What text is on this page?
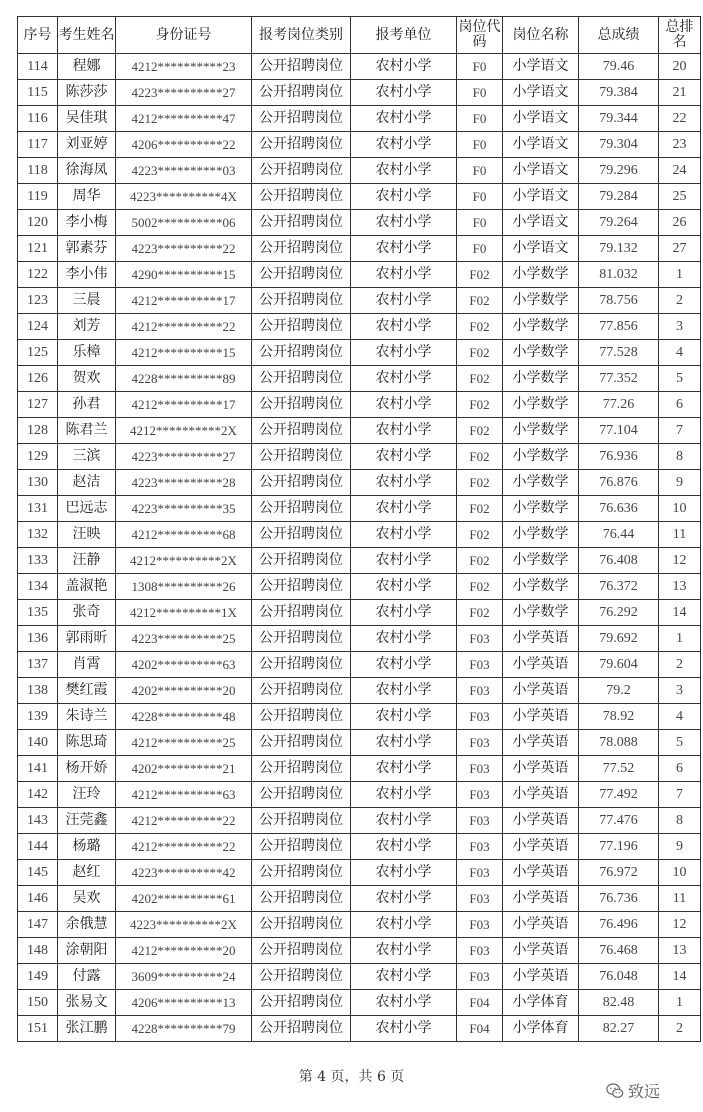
序号	考生姓名	身份证号	报考岗位类别	报考单位	岗位代码	岗位名称	总成绩	总排名
114	程娜	4212**********23	公开招聘岗位	农村小学	F0	小学语文	79.46	20
115	陈莎莎	4223**********27	公开招聘岗位	农村小学	F0	小学语文	79.384	21
116	吴佳琪	4212**********47	公开招聘岗位	农村小学	F0	小学语文	79.344	22
117	刘亚婷	4206**********22	公开招聘岗位	农村小学	F0	小学语文	79.304	23
118	徐海凤	4223**********03	公开招聘岗位	农村小学	F0	小学语文	79.296	24
119	周华	4223**********4X	公开招聘岗位	农村小学	F0	小学语文	79.284	25
120	李小梅	5002**********06	公开招聘岗位	农村小学	F0	小学语文	79.264	26
121	郭素芬	4223**********22	公开招聘岗位	农村小学	F0	小学语文	79.132	27
122	李小伟	4290**********15	公开招聘岗位	农村小学	F02	小学数学	81.032	1
123	三晨	4212**********17	公开招聘岗位	农村小学	F02	小学数学	78.756	2
124	刘芳	4212**********22	公开招聘岗位	农村小学	F02	小学数学	77.856	3
125	乐樟	4212**********15	公开招聘岗位	农村小学	F02	小学数学	77.528	4
126	贺欢	4228**********89	公开招聘岗位	农村小学	F02	小学数学	77.352	5
127	孙君	4212**********17	公开招聘岗位	农村小学	F02	小学数学	77.26	6
128	陈君兰	4212**********2X	公开招聘岗位	农村小学	F02	小学数学	77.104	7
129	三滨	4223**********27	公开招聘岗位	农村小学	F02	小学数学	76.936	8
130	赵洁	4223**********28	公开招聘岗位	农村小学	F02	小学数学	76.876	9
131	巴远志	4223**********35	公开招聘岗位	农村小学	F02	小学数学	76.636	10
132	汪映	4212**********68	公开招聘岗位	农村小学	F02	小学数学	76.44	11
133	汪静	4212**********2X	公开招聘岗位	农村小学	F02	小学数学	76.408	12
134	盖淑艳	1308**********26	公开招聘岗位	农村小学	F02	小学数学	76.372	13
135	张奇	4212**********1X	公开招聘岗位	农村小学	F02	小学数学	76.292	14
136	郭雨昕	4223**********25	公开招聘岗位	农村小学	F03	小学英语	79.692	1
137	肖霄	4202**********63	公开招聘岗位	农村小学	F03	小学英语	79.604	2
138	樊红霞	4202**********20	公开招聘岗位	农村小学	F03	小学英语	79.2	3
139	朱诗兰	4228**********48	公开招聘岗位	农村小学	F03	小学英语	78.92	4
140	陈思琦	4212**********25	公开招聘岗位	农村小学	F03	小学英语	78.088	5
141	杨开娇	4202**********21	公开招聘岗位	农村小学	F03	小学英语	77.52	6
142	汪玲	4212**********63	公开招聘岗位	农村小学	F03	小学英语	77.492	7
143	汪莞鑫	4212**********22	公开招聘岗位	农村小学	F03	小学英语	77.476	8
144	杨璐	4212**********22	公开招聘岗位	农村小学	F03	小学英语	77.196	9
145	赵红	4223**********42	公开招聘岗位	农村小学	F03	小学英语	76.972	10
146	吴欢	4202**********61	公开招聘岗位	农村小学	F03	小学英语	76.736	11
147	余俄慧	4223**********2X	公开招聘岗位	农村小学	F03	小学英语	76.496	12
148	涂朝阳	4212**********20	公开招聘岗位	农村小学	F03	小学英语	76.468	13
149	付露	3609**********24	公开招聘岗位	农村小学	F03	小学英语	76.048	14
150	张易文	4206**********13	公开招聘岗位	农村小学	F04	小学体育	82.48	1
151	张江鹏	4228**********79	公开招聘岗位	农村小学	F04	小学体育	82.27	2
第 4 页，共 6 页
致远
